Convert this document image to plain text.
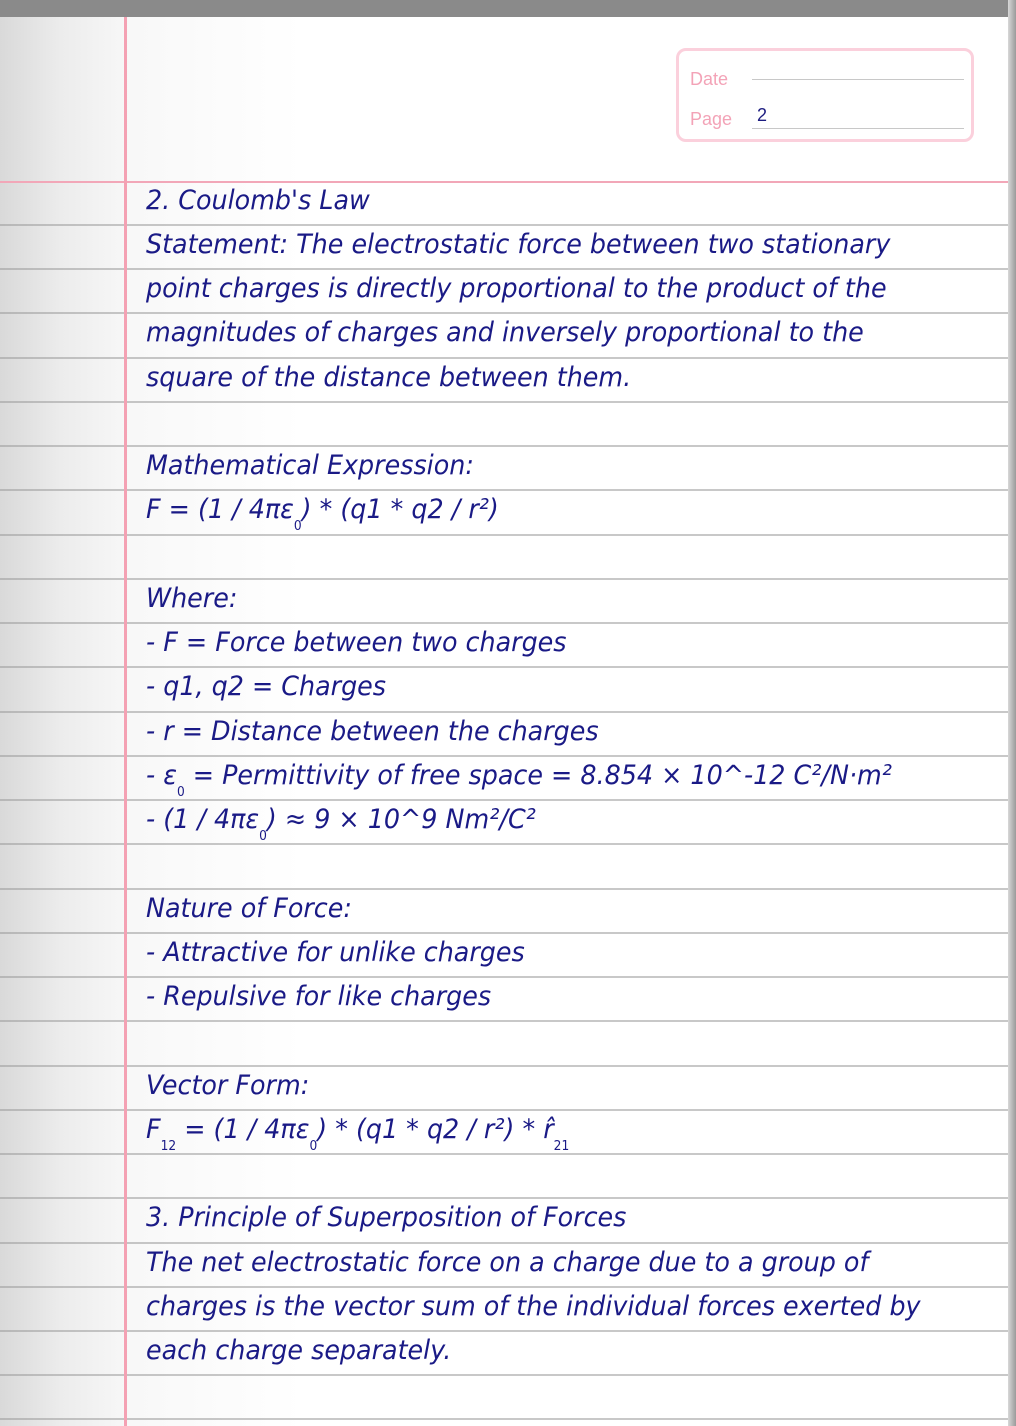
Date
Page 2
2. Coulomb's Law
Statement: The electrostatic force between two stationary
point charges is directly proportional to the product of the
magnitudes of charges and inversely proportional to the
square of the distance between them.
Mathematical Expression:
$F = (1 / 4\pi\varepsilon_0) * (q1 * q2 / r^2)$
Where:
- F = Force between two charges
- q1, q2 = Charges
- r = Distance between the charges
- $\varepsilon_0$ = Permittivity of free space = 8.854 × 10^-12 C²/N·m²
- $(1 / 4\pi\varepsilon_0) \approx 9$ × 10^9 Nm²/C²
Nature of Force:
- Attractive for unlike charges
- Repulsive for like charges
Vector Form:
$F_{12} = (1 / 4\pi\varepsilon_0) * (q1 * q2 / r^2)$ * $r̂_{21}$
3. Principle of Superposition of Forces
The net electrostatic force on a charge due to a group of
charges is the vector sum of the individual forces exerted by
each charge separately.
